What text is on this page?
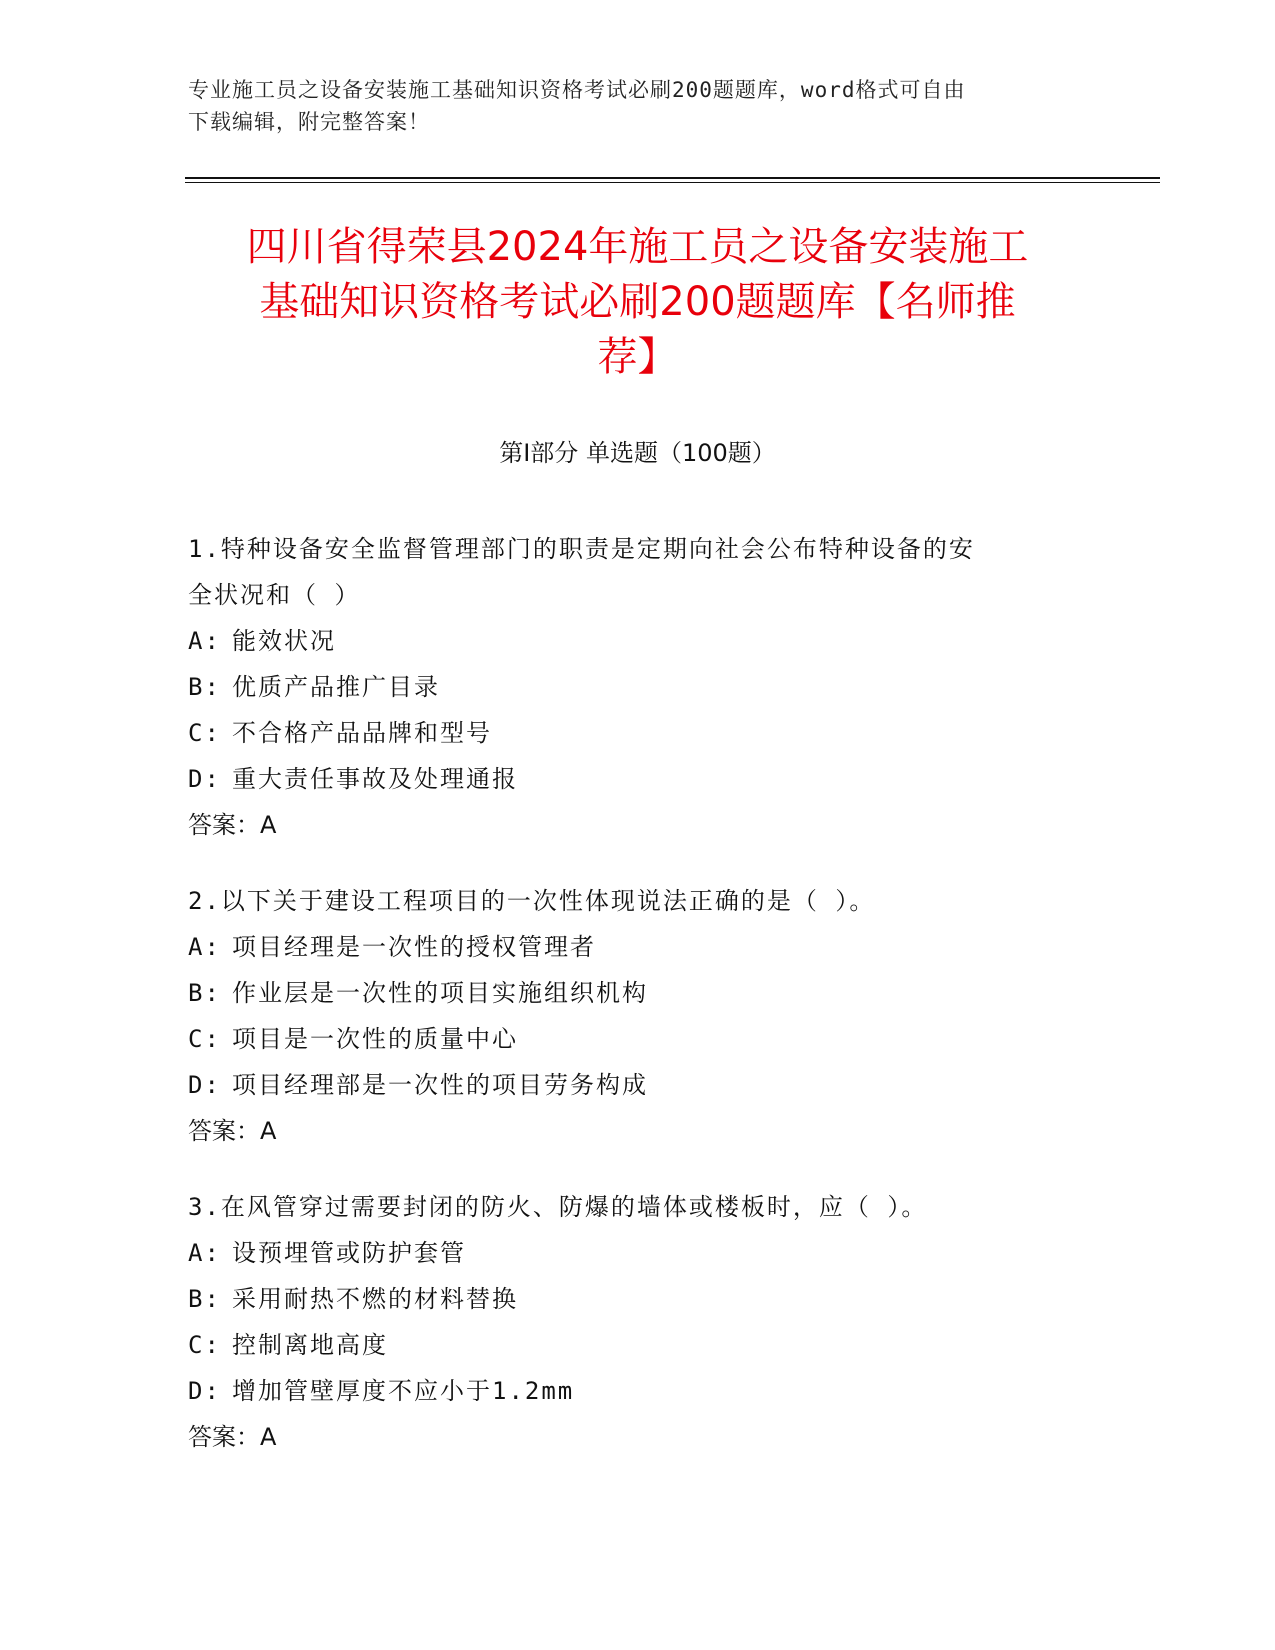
专业施工员之设备安装施工基础知识资格考试必刷200题题库，word格式可自由
下载编辑，附完整答案！
四川省得荣县2024年施工员之设备安装施工
基础知识资格考试必刷200题题库【名师推
荐】
第Ⅰ部分 单选题（100题）
1.特种设备安全监督管理部门的职责是定期向社会公布特种设备的安
全状况和（ ）
A: 能效状况
B: 优质产品推广目录
C: 不合格产品品牌和型号
D: 重大责任事故及处理通报
答案：A
2.以下关于建设工程项目的一次性体现说法正确的是（ ）。
A: 项目经理是一次性的授权管理者
B: 作业层是一次性的项目实施组织机构
C: 项目是一次性的质量中心
D: 项目经理部是一次性的项目劳务构成
答案：A
3.在风管穿过需要封闭的防火、防爆的墙体或楼板时，应（ ）。
A: 设预埋管或防护套管
B: 采用耐热不燃的材料替换
C: 控制离地高度
D: 增加管壁厚度不应小于1.2mm
答案：A
